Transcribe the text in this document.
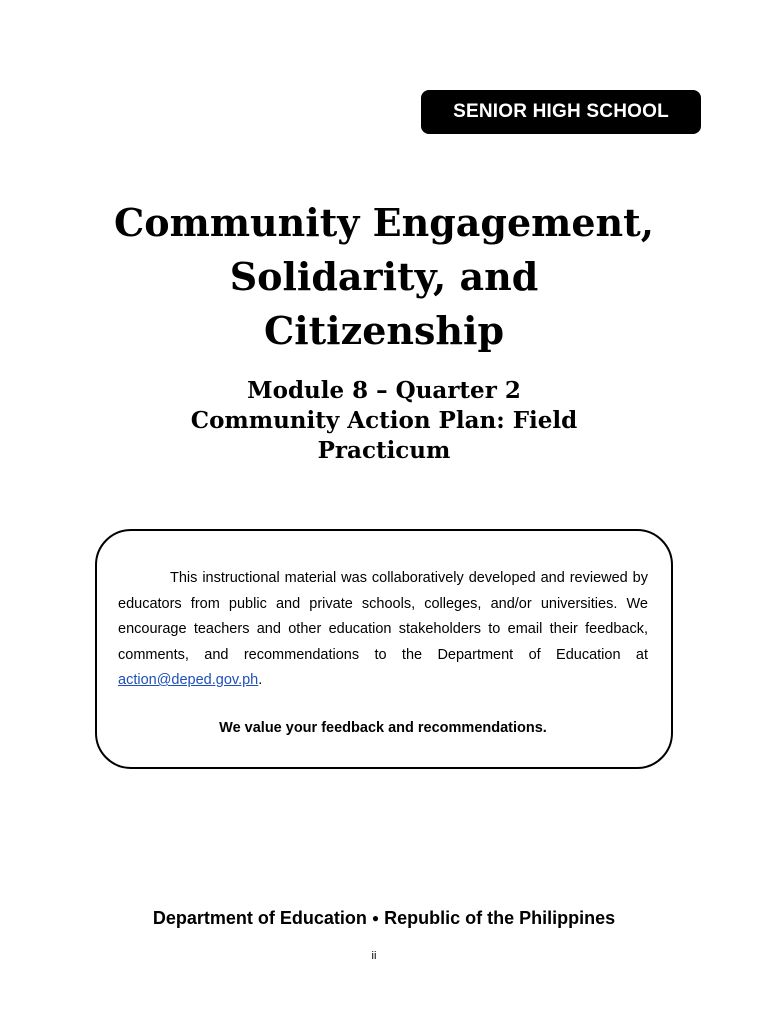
SENIOR HIGH SCHOOL
Community Engagement,
Solidarity, and
Citizenship
Module 8 – Quarter 2
Community Action Plan: Field
Practicum

This instructional material was collaboratively developed and reviewed by educators from public and private schools, colleges, and/or universities. We encourage teachers and other education stakeholders to email their feedback, comments, and recommendations to the Department of Education at action@deped.gov.ph.

We value your feedback and recommendations.

Department of Education ● Republic of the Philippines

ii
